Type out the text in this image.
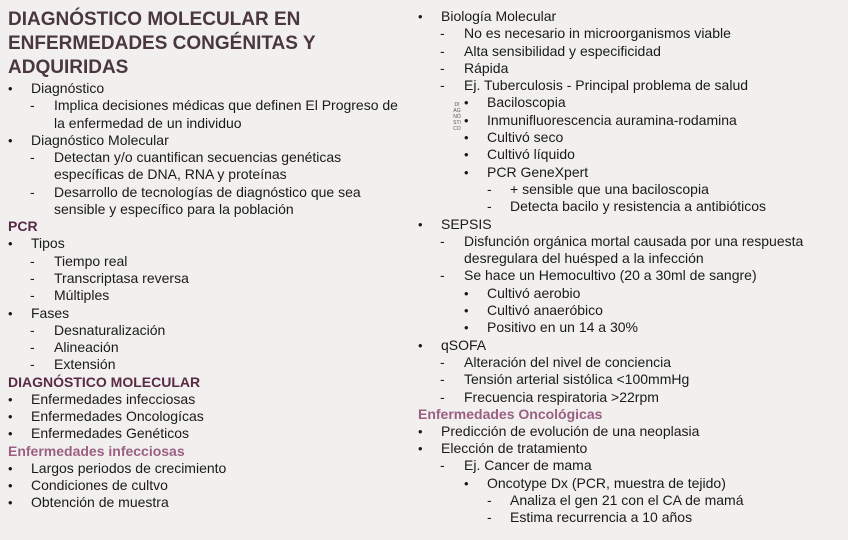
DIAGNÓSTICO MOLECULAR EN ENFERMEDADES CONGÉNITAS Y ADQUIRIDAS
•	Diagnóstico
-	Implica decisiones médicas que definen El Progreso de la enfermedad de un individuo
•	Diagnóstico Molecular
-	Detectan y/o cuantifican secuencias genéticas específicas de DNA, RNA y proteínas
-	Desarrollo de tecnologías de diagnóstico que sea sensible y específico para la población
PCR
•	Tipos
-	Tiempo real
-	Transcriptasa reversa
-	Múltiples
•	Fases
-	Desnaturalización
-	Alineación
-	Extensión
DIAGNÓSTICO MOLECULAR
•	Enfermedades infecciosas
•	Enfermedades Oncologícas
•	Enfermedades Genéticos
Enfermedades infecciosas
•	Largos periodos de crecimiento
•	Condiciones de cultvo
•	Obtención de muestra
•	Biología Molecular
-	No es necesario in microorganismos viable
-	Alta sensibilidad y especificidad
-	Rápida
-	Ej. Tuberculosis - Principal problema de salud
•	Baciloscopia
•	Inmunifluorescencia auramina-rodamina
•	Cultivó seco
•	Cultivó líquido
•	PCR GeneXpert
-	+ sensible que una baciloscopia
-	Detecta bacilo y resistencia a antibióticos
•	SEPSIS
-	Disfunción orgánica mortal causada por una respuesta desregulara del huésped a la infección
-	Se hace un Hemocultivo (20 a 30ml de sangre)
•	Cultivó aerobio
•	Cultivó anaeróbico
•	Positivo en un 14 a 30%
•	qSOFA
-	Alteración del nivel de conciencia
-	Tensión arterial sistólica <100mmHg
-	Frecuencia respiratoria >22rpm
Enfermedades Oncológicas
•	Predicción de evolución de una neoplasia
•	Elección de tratamiento
-	Ej. Cancer de mama
•	Oncotype Dx (PCR, muestra de tejido)
-	Analiza el gen 21 con el CA de mamá
-	Estima recurrencia a 10 años
DIAGNÓSTICO
